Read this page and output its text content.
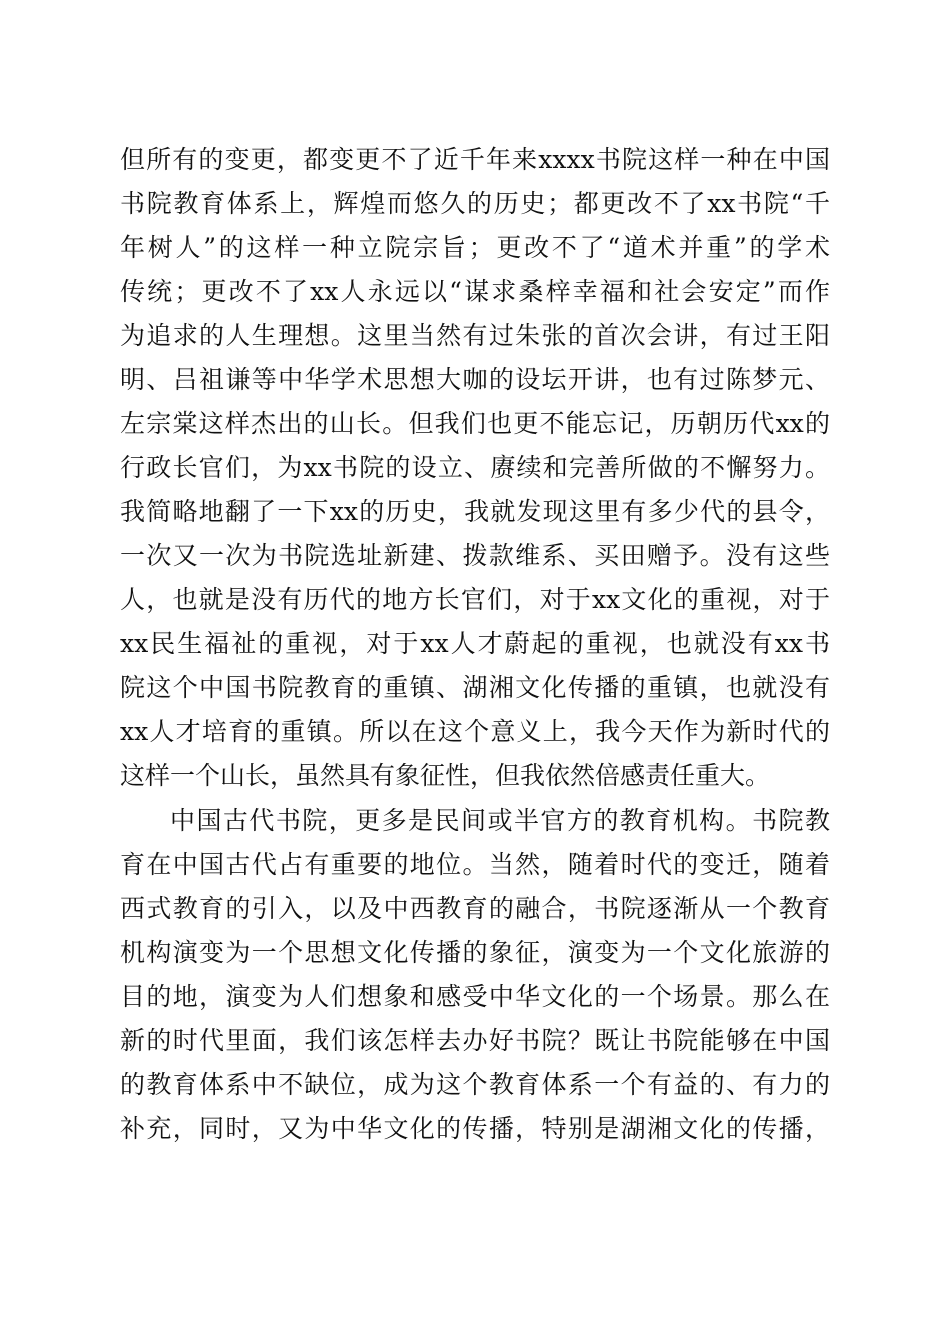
但所有的变更，都变更不了近千年来xxxx书院这样一种在中国
书院教育体系上，辉煌而悠久的历史；都更改不了xx书院“千
年树人”的这样一种立院宗旨；更改不了“道术并重”的学术
传统；更改不了xx人永远以“谋求桑梓幸福和社会安定”而作
为追求的人生理想。这里当然有过朱张的首次会讲，有过王阳
明、吕祖谦等中华学术思想大咖的设坛开讲，也有过陈梦元、
左宗棠这样杰出的山长。但我们也更不能忘记，历朝历代xx的
行政长官们，为xx书院的设立、赓续和完善所做的不懈努力。
我简略地翻了一下xx的历史，我就发现这里有多少代的县令，
一次又一次为书院选址新建、拨款维系、买田赠予。没有这些
人，也就是没有历代的地方长官们，对于xx文化的重视，对于
xx民生福祉的重视，对于xx人才蔚起的重视，也就没有xx书
院这个中国书院教育的重镇、湖湘文化传播的重镇，也就没有
xx人才培育的重镇。所以在这个意义上，我今天作为新时代的
这样一个山长，虽然具有象征性，但我依然倍感责任重大。
中国古代书院，更多是民间或半官方的教育机构。书院教
育在中国古代占有重要的地位。当然，随着时代的变迁，随着
西式教育的引入，以及中西教育的融合，书院逐渐从一个教育
机构演变为一个思想文化传播的象征，演变为一个文化旅游的
目的地，演变为人们想象和感受中华文化的一个场景。那么在
新的时代里面，我们该怎样去办好书院？既让书院能够在中国
的教育体系中不缺位，成为这个教育体系一个有益的、有力的
补充，同时，又为中华文化的传播，特别是湖湘文化的传播，
